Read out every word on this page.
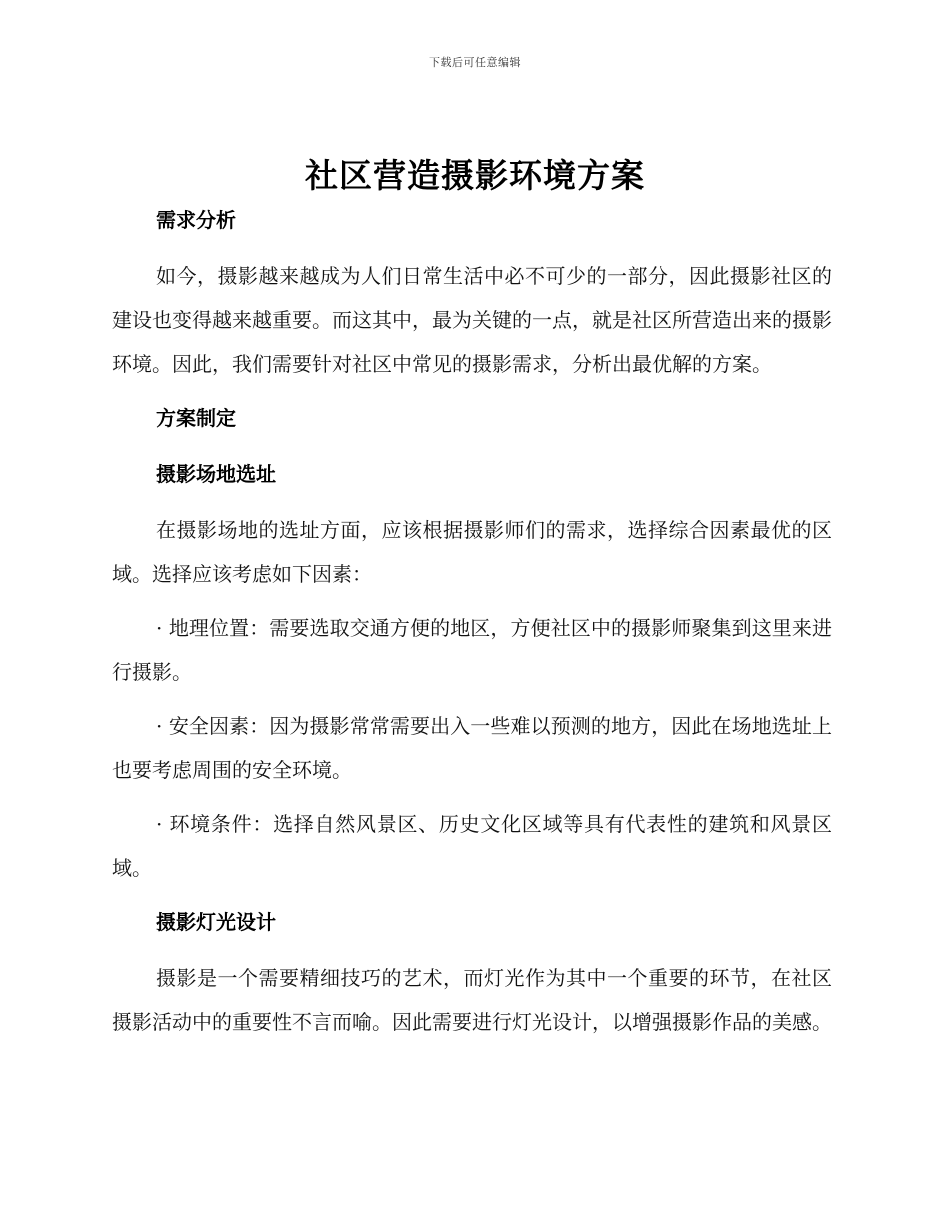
下载后可任意编辑
社区营造摄影环境方案

需求分析

如今，摄影越来越成为人们日常生活中必不可少的一部分，因此摄影社区的建设也变得越来越重要。而这其中，最为关键的一点，就是社区所营造出来的摄影环境。因此，我们需要针对社区中常见的摄影需求，分析出最优解的方案。

方案制定

摄影场地选址

在摄影场地的选址方面，应该根据摄影师们的需求，选择综合因素最优的区域。选择应该考虑如下因素：

· 地理位置：需要选取交通方便的地区，方便社区中的摄影师聚集到这里来进行摄影。

· 安全因素：因为摄影常常需要出入一些难以预测的地方，因此在场地选址上也要考虑周围的安全环境。

· 环境条件：选择自然风景区、历史文化区域等具有代表性的建筑和风景区域。

摄影灯光设计

摄影是一个需要精细技巧的艺术，而灯光作为其中一个重要的环节，在社区摄影活动中的重要性不言而喻。因此需要进行灯光设计，以增强摄影作品的美感。
